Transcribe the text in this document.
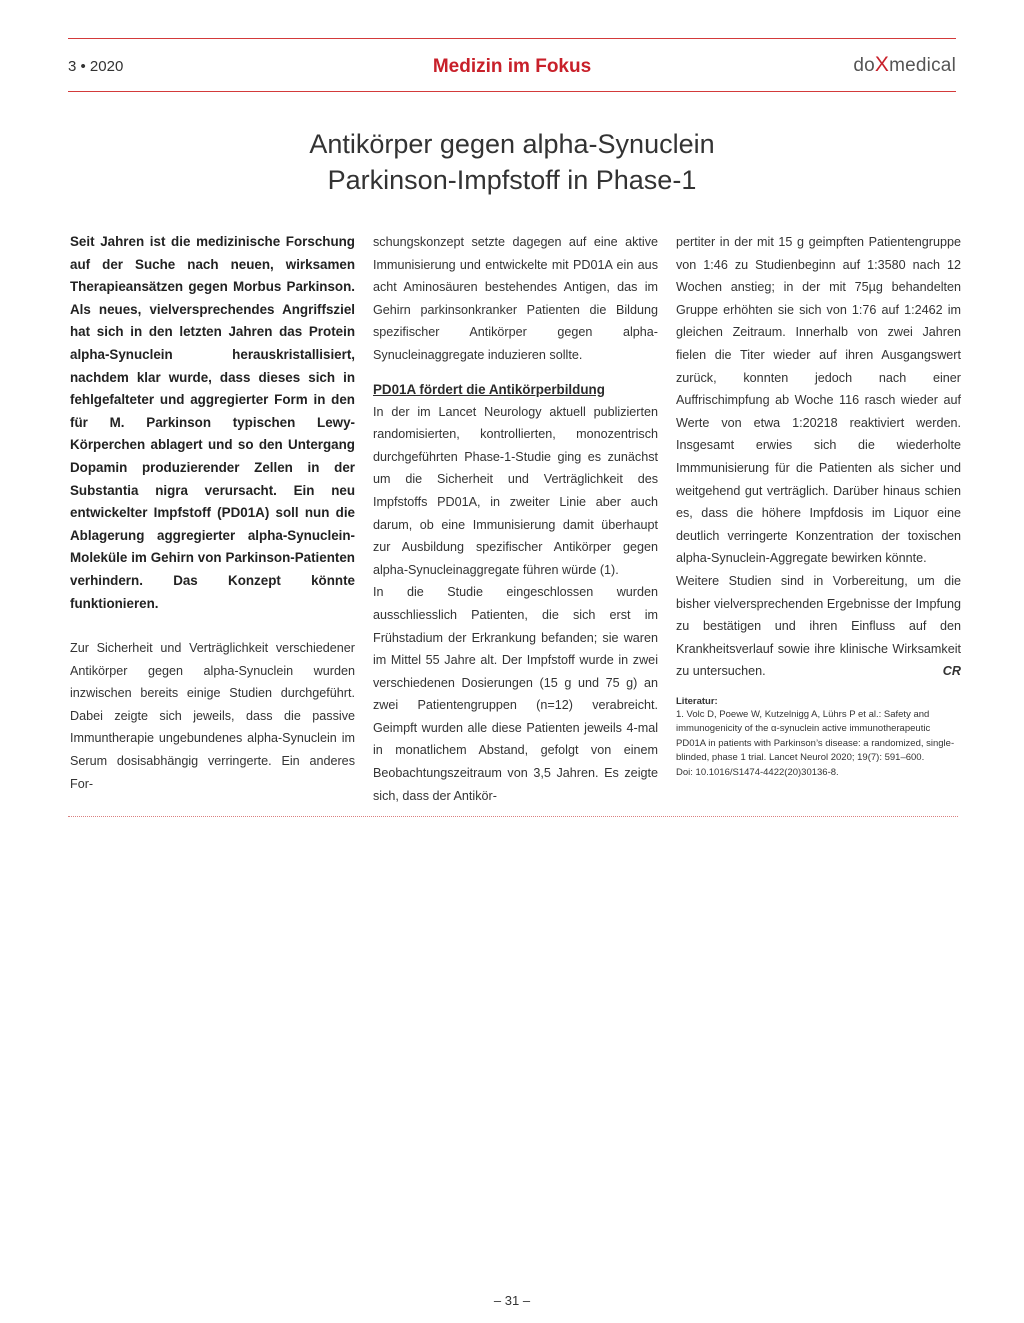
3 • 2020	Medizin im Fokus	doXmedical
Antikörper gegen alpha-Synuclein
Parkinson-Impfstoff in Phase-1

Seit Jahren ist die medizinische Forschung auf der Suche nach neuen, wirksamen Therapieansätzen gegen Morbus Parkinson. Als neues, vielversprechendes Angriffsziel hat sich in den letzten Jahren das Protein alpha-Synuclein herauskristallisiert, nachdem klar wurde, dass dieses sich in fehlgefalteter und aggregierter Form in den für M. Parkinson typischen Lewy-Körperchen ablagert und so den Untergang Dopamin produzierender Zellen in der Substantia nigra verursacht. Ein neu entwickelter Impfstoff (PD01A) soll nun die Ablagerung aggregierter alpha-Synuclein-Moleküle im Gehirn von Parkinson-Patienten verhindern. Das Konzept könnte funktionieren.

Zur Sicherheit und Verträglichkeit verschiedener Antikörper gegen alpha-Synuclein wurden inzwischen bereits einige Studien durchgeführt. Dabei zeigte sich jeweils, dass die passive Immuntherapie ungebundenes alpha-Synuclein im Serum dosisabhängig verringerte. Ein anderes For-

schungskonzept setzte dagegen auf eine aktive Immunisierung und entwickelte mit PD01A ein aus acht Aminosäuren bestehendes Antigen, das im Gehirn parkinsonkranker Patienten die Bildung spezifischer Antikörper gegen alpha-Synucleinaggregate induzieren sollte.

PD01A fördert die Antikörperbildung

In der im Lancet Neurology aktuell publizierten randomisierten, kontrollierten, monozentrisch durchgeführten Phase-1-Studie ging es zunächst um die Sicherheit und Verträglichkeit des Impfstoffs PD01A, in zweiter Linie aber auch darum, ob eine Immunisierung damit überhaupt zur Ausbildung spezifischer Antikörper gegen alpha-Synucleinaggregate führen würde (1).

In die Studie eingeschlossen wurden ausschliesslich Patienten, die sich erst im Frühstadium der Erkrankung befanden; sie waren im Mittel 55 Jahre alt. Der Impfstoff wurde in zwei verschiedenen Dosierungen (15 g und 75 g) an zwei Patientengruppen (n=12) verabreicht. Geimpft wurden alle diese Patienten jeweils 4-mal in monatlichem Abstand, gefolgt von einem Beobachtungszeitraum von 3,5 Jahren. Es zeigte sich, dass der Antikör-

pertiter in der mit 15 g geimpften Patientengruppe von 1:46 zu Studienbeginn auf 1:3580 nach 12 Wochen anstieg; in der mit 75µg behandelten Gruppe erhöhten sie sich von 1:76 auf 1:2462 im gleichen Zeitraum. Innerhalb von zwei Jahren fielen die Titer wieder auf ihren Ausgangswert zurück, konnten jedoch nach einer Auffrischimpfung ab Woche 116 rasch wieder auf Werte von etwa 1:20218 reaktiviert werden. Insgesamt erwies sich die wiederholte Immmunisierung für die Patienten als sicher und weitgehend gut verträglich. Darüber hinaus schien es, dass die höhere Impfdosis im Liquor eine deutlich verringerte Konzentration der toxischen alpha-Synuclein-Aggregate bewirken könnte.

Weitere Studien sind in Vorbereitung, um die bisher vielversprechenden Ergebnisse der Impfung zu bestätigen und ihren Einfluss auf den Krankheitsverlauf sowie ihre klinische Wirksamkeit zu untersuchen.	CR

Literatur:

1. Volc D, Poewe W, Kutzelnigg A, Lührs P et al.: Safety and immunogenicity of the α-synuclein active immunotherapeutic PD01A in patients with Parkinson’s disease: a randomized, single-blinded, phase 1 trial. Lancet Neurol 2020; 19(7): 591–600.

Doi: 10.1016/S1474-4422(20)30136-8.

– 31 –
